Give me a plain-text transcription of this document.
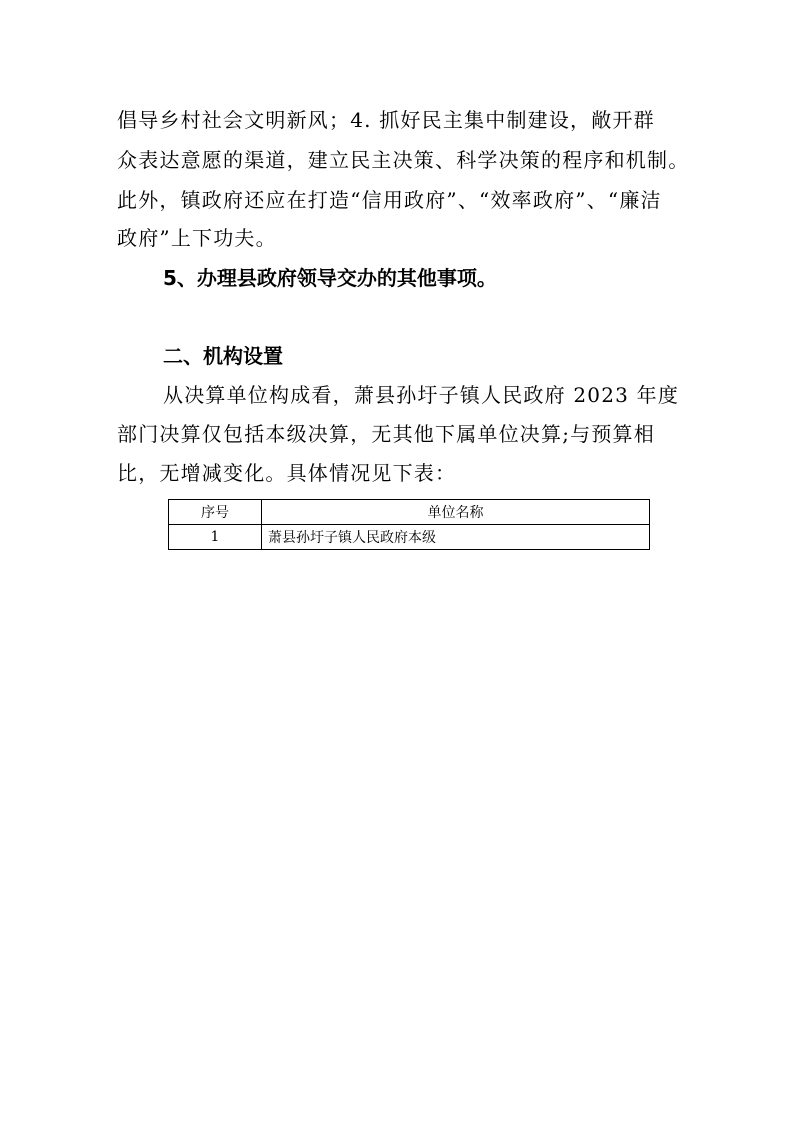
倡导乡村社会文明新风；4. 抓好民主集中制建设，敞开群
众表达意愿的渠道，建立民主决策、科学决策的程序和机制。
此外，镇政府还应在打造“信用政府”、“效率政府”、“廉洁
政府”上下功夫。
5、办理县政府领导交办的其他事项。
二、机构设置
从决算单位构成看，萧县孙圩子镇人民政府 2023 年度
部门决算仅包括本级决算，无其他下属单位决算;与预算相
比，无增减变化。具体情况见下表：
序号	单位名称
1	萧县孙圩子镇人民政府本级
